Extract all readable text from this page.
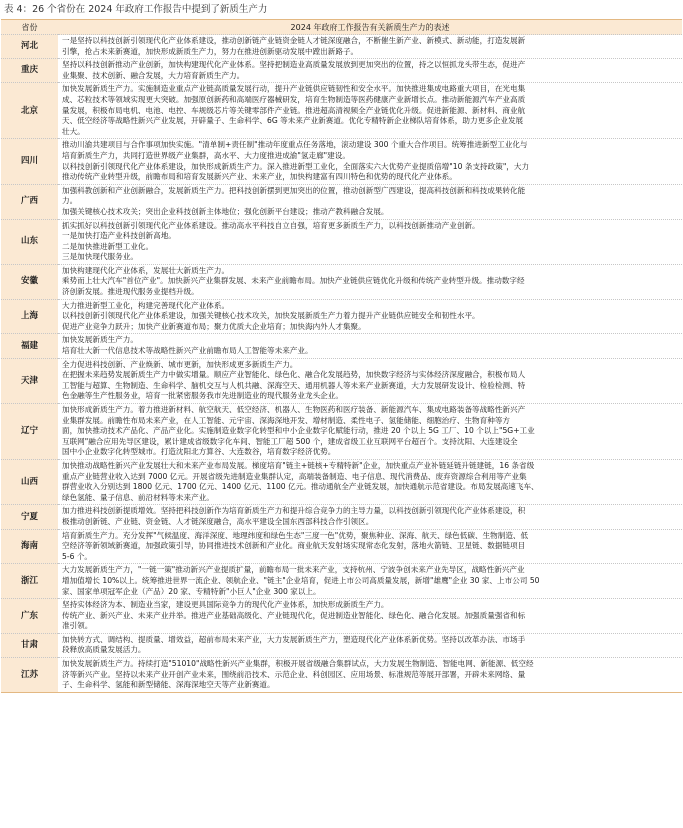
表 4：26 个省份在 2024 年政府工作报告中提到了新质生产力
省份	2024 年政府工作报告有关新质生产力的表述
河北	一是坚持以科技创新引领现代化产业体系建设，推动创新链产业链资金链人才链深度融合，不断催生新产业、新模式、新动能，打造发展新
引擎，抢占未来新赛道，加快形成新质生产力，努力在推进创新驱动发展中蹚出新路子。

重庆	坚持以科技创新推动产业创新，加快构建现代化产业体系。坚持把制造业高质量发展放到更加突出的位置，持之以恒抓龙头带生态，促进产
业集聚、技术创新、融合发展，大力培育新质生产力。

北京	加快发展新质生产力。实施制造业重点产业链高质量发展行动，提升产业链供应链韧性和安全水平。加快推进集成电路重大项目，在光电集
成、芯粒技术等领域实现更大突破。加强原创新药和高端医疗器械研发，培育生物制造等医药健康产业新增长点。推动新能源汽车产业高质
量发展，积极布局电机、电池、电控、车规级芯片等关键零部件产业链。推进超高清视频全产业链优化升级。促进新能源、新材料、商业航
天、低空经济等战略性新兴产业发展，开辟量子、生命科学、6G 等未来产业新赛道。优化专精特新企业梯队培育体系，助力更多企业发展
壮大。

四川	推动川渝共建项目与合作事项加快实施。"清单制+责任制"推动年度重点任务落地，滚动建设 300 个重大合作项目。统筹推进新型工业化与
培育新质生产力，共同打造世界级产业集群，高水平、大力度推进成渝"氢走廊"建设。
以科技创新引领现代化产业体系建设，加快形成新质生产力。深入推进新型工业化，全面落实六大优势产业提质倍增"10 条支持政策"，大力
推动传统产业转型升级，前瞻布局和培育发展新兴产业、未来产业，加快构建富有四川特色和优势的现代化产业体系。

广西	加强科教创新和产业创新融合，发展新质生产力。把科技创新摆到更加突出的位置，推动创新型广西建设，提高科技创新和科技成果转化能
力。
加强关键核心技术攻关；突出企业科技创新主体地位；强化创新平台建设；推动产教科融合发展。

山东	抓实抓好以科技创新引领现代化产业体系建设。推动高水平科技自立自强，培育更多新质生产力，以科技创新推动产业创新。
一是加快打造产业科技创新高地。
二是加快推进新型工业化。
三是加快现代服务业。

安徽	加快构建现代化产业体系，发展壮大新质生产力。
乘势而上壮大汽车"首位产业"。加快新兴产业集群发展、未来产业前瞻布局。加快产业链供应链优化升级和传统产业转型升级。推动数字经
济创新发展。推进现代服务业提档升级。

上海	大力推进新型工业化，构建完善现代化产业体系。
以科技创新引领现代化产业体系建设，加强关键核心技术攻关，加快发展新质生产力着力提升产业链供应链安全和韧性水平。
促进产业竞争力跃升；加快产业新赛道布局；聚力优质大企业培育；加快海内外人才集聚。

福建	加快发展新质生产力。
培育壮大新一代信息技术等战略性新兴产业前瞻布局人工智能等未来产业。

天津	全力促进科技创新、产业焕新、城市更新，加快形成更多新质生产力。
在把握未来趋势发展新质生产力中做实增量。顺应产业智能化、绿色化、融合化发展趋势，加快数字经济与实体经济深度融合，积极布局人
工智能与超算、生物制造、生命科学、脑机交互与人机共融、深海空天、通用机器人等未来产业新赛道，大力发展研发设计、检验检测、特
色金融等生产性服务业，培育一批紧密服务我市先进制造业的现代服务业龙头企业。

辽宁	加快形成新质生产力。着力推进新材料、航空航天、低空经济、机器人、生物医药和医疗装备、新能源汽车、集成电路装备等战略性新兴产
业集群发展。前瞻性布局未来产业，在人工智能、元宇宙、深海深地开发、增材制造、柔性电子、氢能储能、细胞治疗、生物育种等方
面，加快推动技术产品化、产品产业化。实施制造业数字化转型和中小企业数字化赋能行动，推进 20 个以上 5G 工厂、10 个以上"5G+工业
互联网"融合应用先导区建设，累计建成省级数字化车间、智能工厂超 500 个，建成省级工业互联网平台超百个。支持沈阳、大连建设全
国中小企业数字化转型城市。打造沈阳北方算谷、大连数谷，培育数字经济优势。

山西	加快推动战略性新兴产业发展壮大和未来产业布局发展。梯度培育"链主+链核+专精特新"企业，加快重点产业补链延链升链建链，16 条省级
重点产业链营业收入达到 7000 亿元。开展省级先进制造业集群认定，高端装备制造、电子信息、现代消费品、废弃资源综合利用等产业集
群营业收入分别达到 1800 亿元、1700 亿元、1400 亿元、1100 亿元。推动通航全产业链发展，加快通航示范省建设。布局发展高速飞车、
绿色氢能、量子信息、前沿材料等未来产业。

宁夏	加力推进科技创新提质增效。坚持把科技创新作为培育新质生产力和提升综合竞争力的主导力量，以科技创新引领现代化产业体系建设，积
极推动创新链、产业链、资金链、人才链深度融合，高水平建设全国东西部科技合作引领区。

海南	培育新质生产力。充分发挥"气候温度、海洋深度、地理纬度和绿色生态"三度一色"优势，聚焦种业、深海、航天、绿色低碳、生物制造、低
空经济等新领域新赛道，加强政策引导，协同推进技术创新和产业化。商业航天发射场实现常态化发射，落地火箭链、卫星链、数据链项目
5-6 个。

浙江	大力发展新质生产力，"一链一策"推动新兴产业提质扩量，前瞻布局一批未来产业，支持杭州、宁波争创未来产业先导区，战略性新兴产业
增加值增长 10%以上。统筹推进世界一流企业、领航企业、"链主"企业培育，促进上市公司高质量发展，新增"雄鹰"企业 30 家、上市公司 50
家、国家单项冠军企业（产品）20 家、专精特新"小巨人"企业 300 家以上。

广东	坚持实体经济为本、制造业当家，建设更具国际竞争力的现代化产业体系，加快形成新质生产力。
传统产业、新兴产业、未来产业并举。推进产业基础高级化、产业链现代化，促进制造业智能化、绿色化、融合化发展。加强质量强省和标
准引领。

甘肃	加快转方式、调结构、提质量、增效益，超前布局未来产业，大力发展新质生产力，塑造现代化产业体系新优势。坚持以改革办法、市场手
段释放高质量发展活力。

江苏	加快发展新质生产力。持续打造"51010"战略性新兴产业集群，积极开展省级融合集群试点，大力发展生物制造、智能电网、新能源、低空经
济等新兴产业。坚持以未来产业开创产业未来，围绕前沿技术、示范企业、科创园区、应用场景、标准规范等展开部署，开辟未来网络、量
子、生命科学、氢能和新型储能、深海深地空天等产业新赛道。
